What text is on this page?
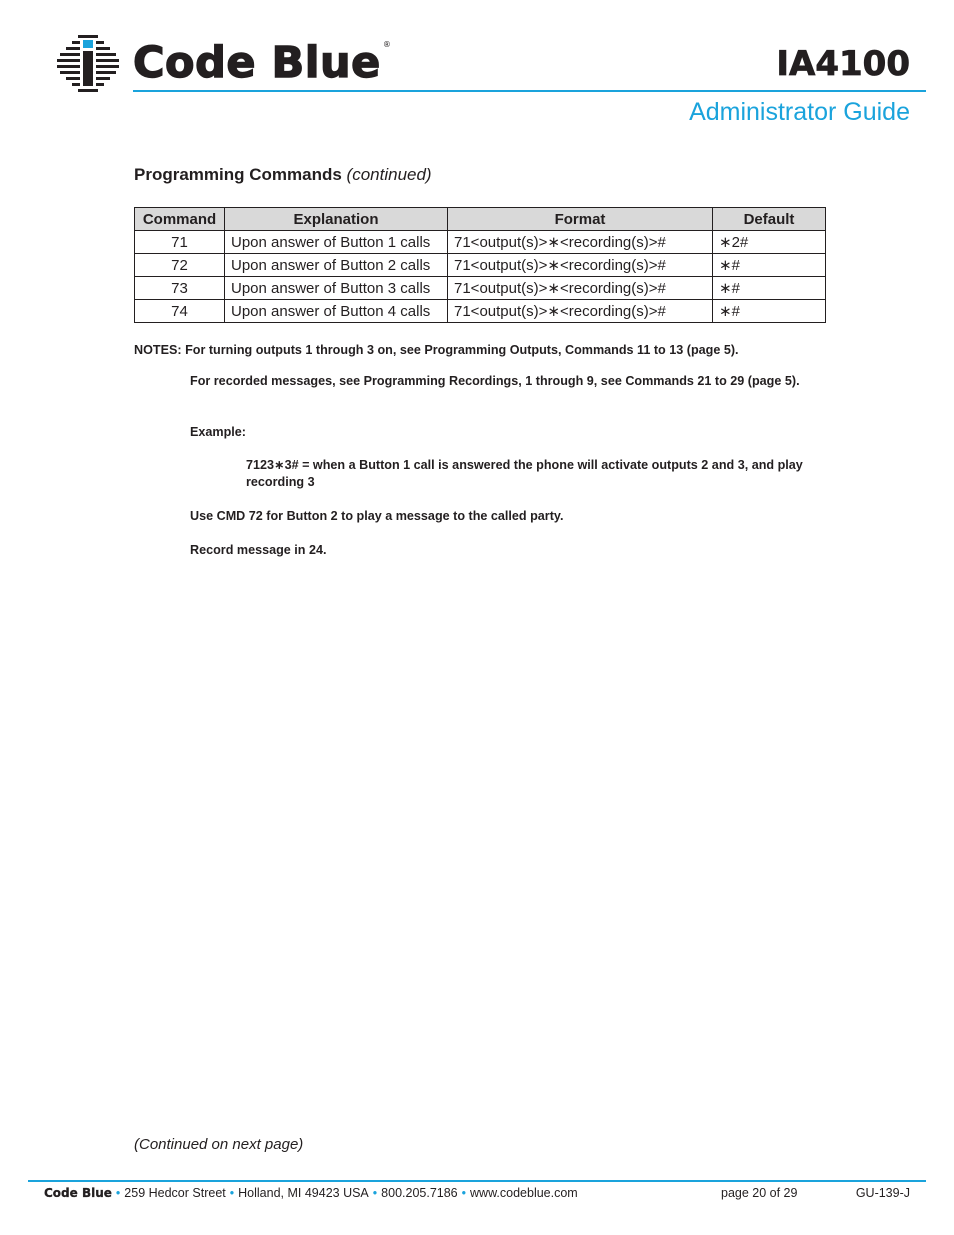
Code Blue ®	IA4100
Administrator Guide
Programming Commands (continued)
Command	Explanation	Format	Default
71	Upon answer of Button 1 calls	71<output(s)>∗<recording(s)>#	∗2#
72	Upon answer of Button 2 calls	71<output(s)>∗<recording(s)>#	∗#
73	Upon answer of Button 3 calls	71<output(s)>∗<recording(s)>#	∗#
74	Upon answer of Button 4 calls	71<output(s)>∗<recording(s)>#	∗#

NOTES: For turning outputs 1 through 3 on, see Programming Outputs, Commands 11 to 13 (page 5).

For recorded messages, see Programming Recordings, 1 through 9, see Commands 21 to 29 (page 5).

Example:

7123∗3# = when a Button 1 call is answered the phone will activate outputs 2 and 3, and play recording 3

Use CMD 72 for Button 2 to play a message to the called party.

Record message in 24.

(Continued on next page)
Code Blue • 259 Hedcor Street • Holland, MI 49423 USA • 800.205.7186 • www.codeblue.com	page 20 of 29	GU-139-J
